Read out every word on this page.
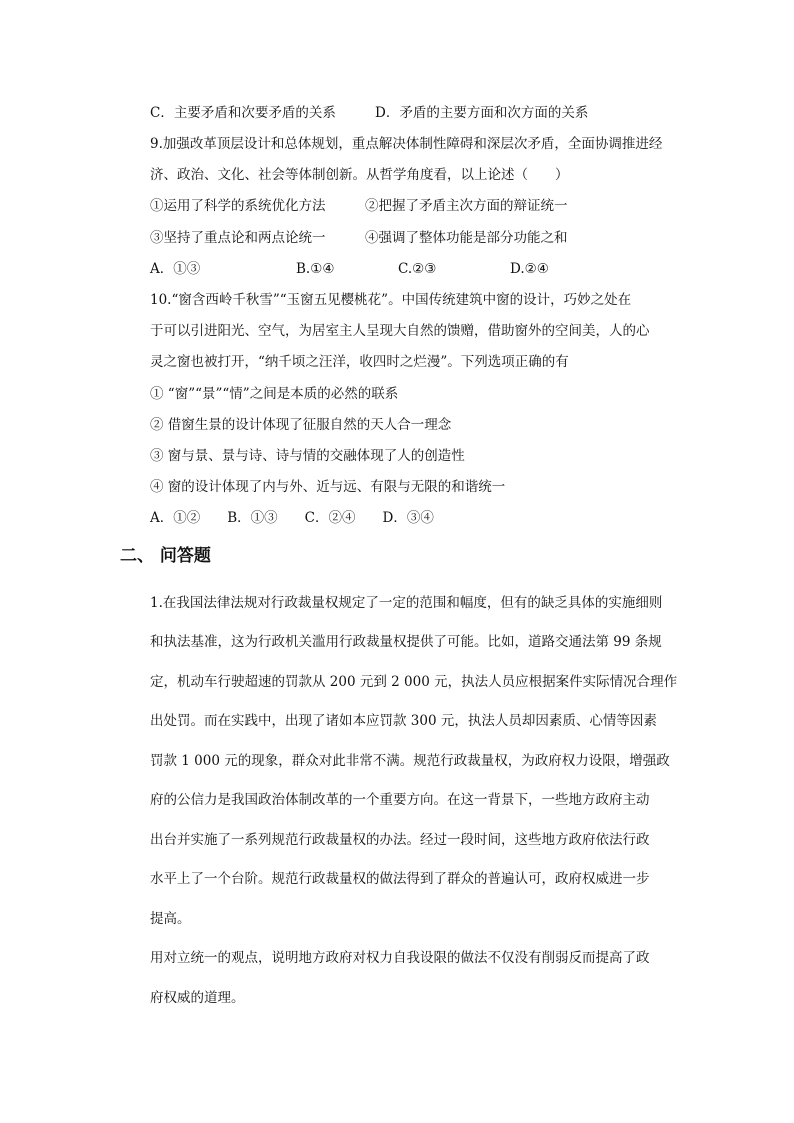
C．主要矛盾和次要矛盾的关系	D．矛盾的主要方面和次方面的关系
9.加强改革顶层设计和总体规划，重点解决体制性障碍和深层次矛盾，全面协调推进经
济、政治、文化、社会等体制创新。从哲学角度看，以上论述（　　）
①运用了科学的系统优化方法	②把握了矛盾主次方面的辩证统一
③坚持了重点论和两点论统一	④强调了整体功能是部分功能之和
A．①③	B.①④	C.②③	D.②④
10.“窗含西岭千秋雪”“玉窗五见樱桃花”。中国传统建筑中窗的设计，巧妙之处在
于可以引进阳光、空气，为居室主人呈现大自然的馈赠，借助窗外的空间美，人的心
灵之窗也被打开，“纳千顷之汪洋，收四时之烂漫”。下列选项正确的有
① “窗”“景”“情”之间是本质的必然的联系
② 借窗生景的设计体现了征服自然的天人合一理念
③ 窗与景、景与诗、诗与情的交融体现了人的创造性
④ 窗的设计体现了内与外、近与远、有限与无限的和谐统一
A．①②　　B．①③　　C．②④　　D．③④
二、 问答题
1.在我国法律法规对行政裁量权规定了一定的范围和幅度，但有的缺乏具体的实施细则
和执法基准，这为行政机关滥用行政裁量权提供了可能。比如，道路交通法第 99 条规
定，机动车行驶超速的罚款从 200 元到 2 000 元，执法人员应根据案件实际情况合理作
出处罚。而在实践中，出现了诸如本应罚款 300 元，执法人员却因素质、心情等因素
罚款 1 000 元的现象，群众对此非常不满。规范行政裁量权，为政府权力设限，增强政
府的公信力是我国政治体制改革的一个重要方向。在这一背景下，一些地方政府主动
出台并实施了一系列规范行政裁量权的办法。经过一段时间，这些地方政府依法行政
水平上了一个台阶。规范行政裁量权的做法得到了群众的普遍认可，政府权威进一步
提高。
用对立统一的观点，说明地方政府对权力自我设限的做法不仅没有削弱反而提高了政
府权威的道理。
